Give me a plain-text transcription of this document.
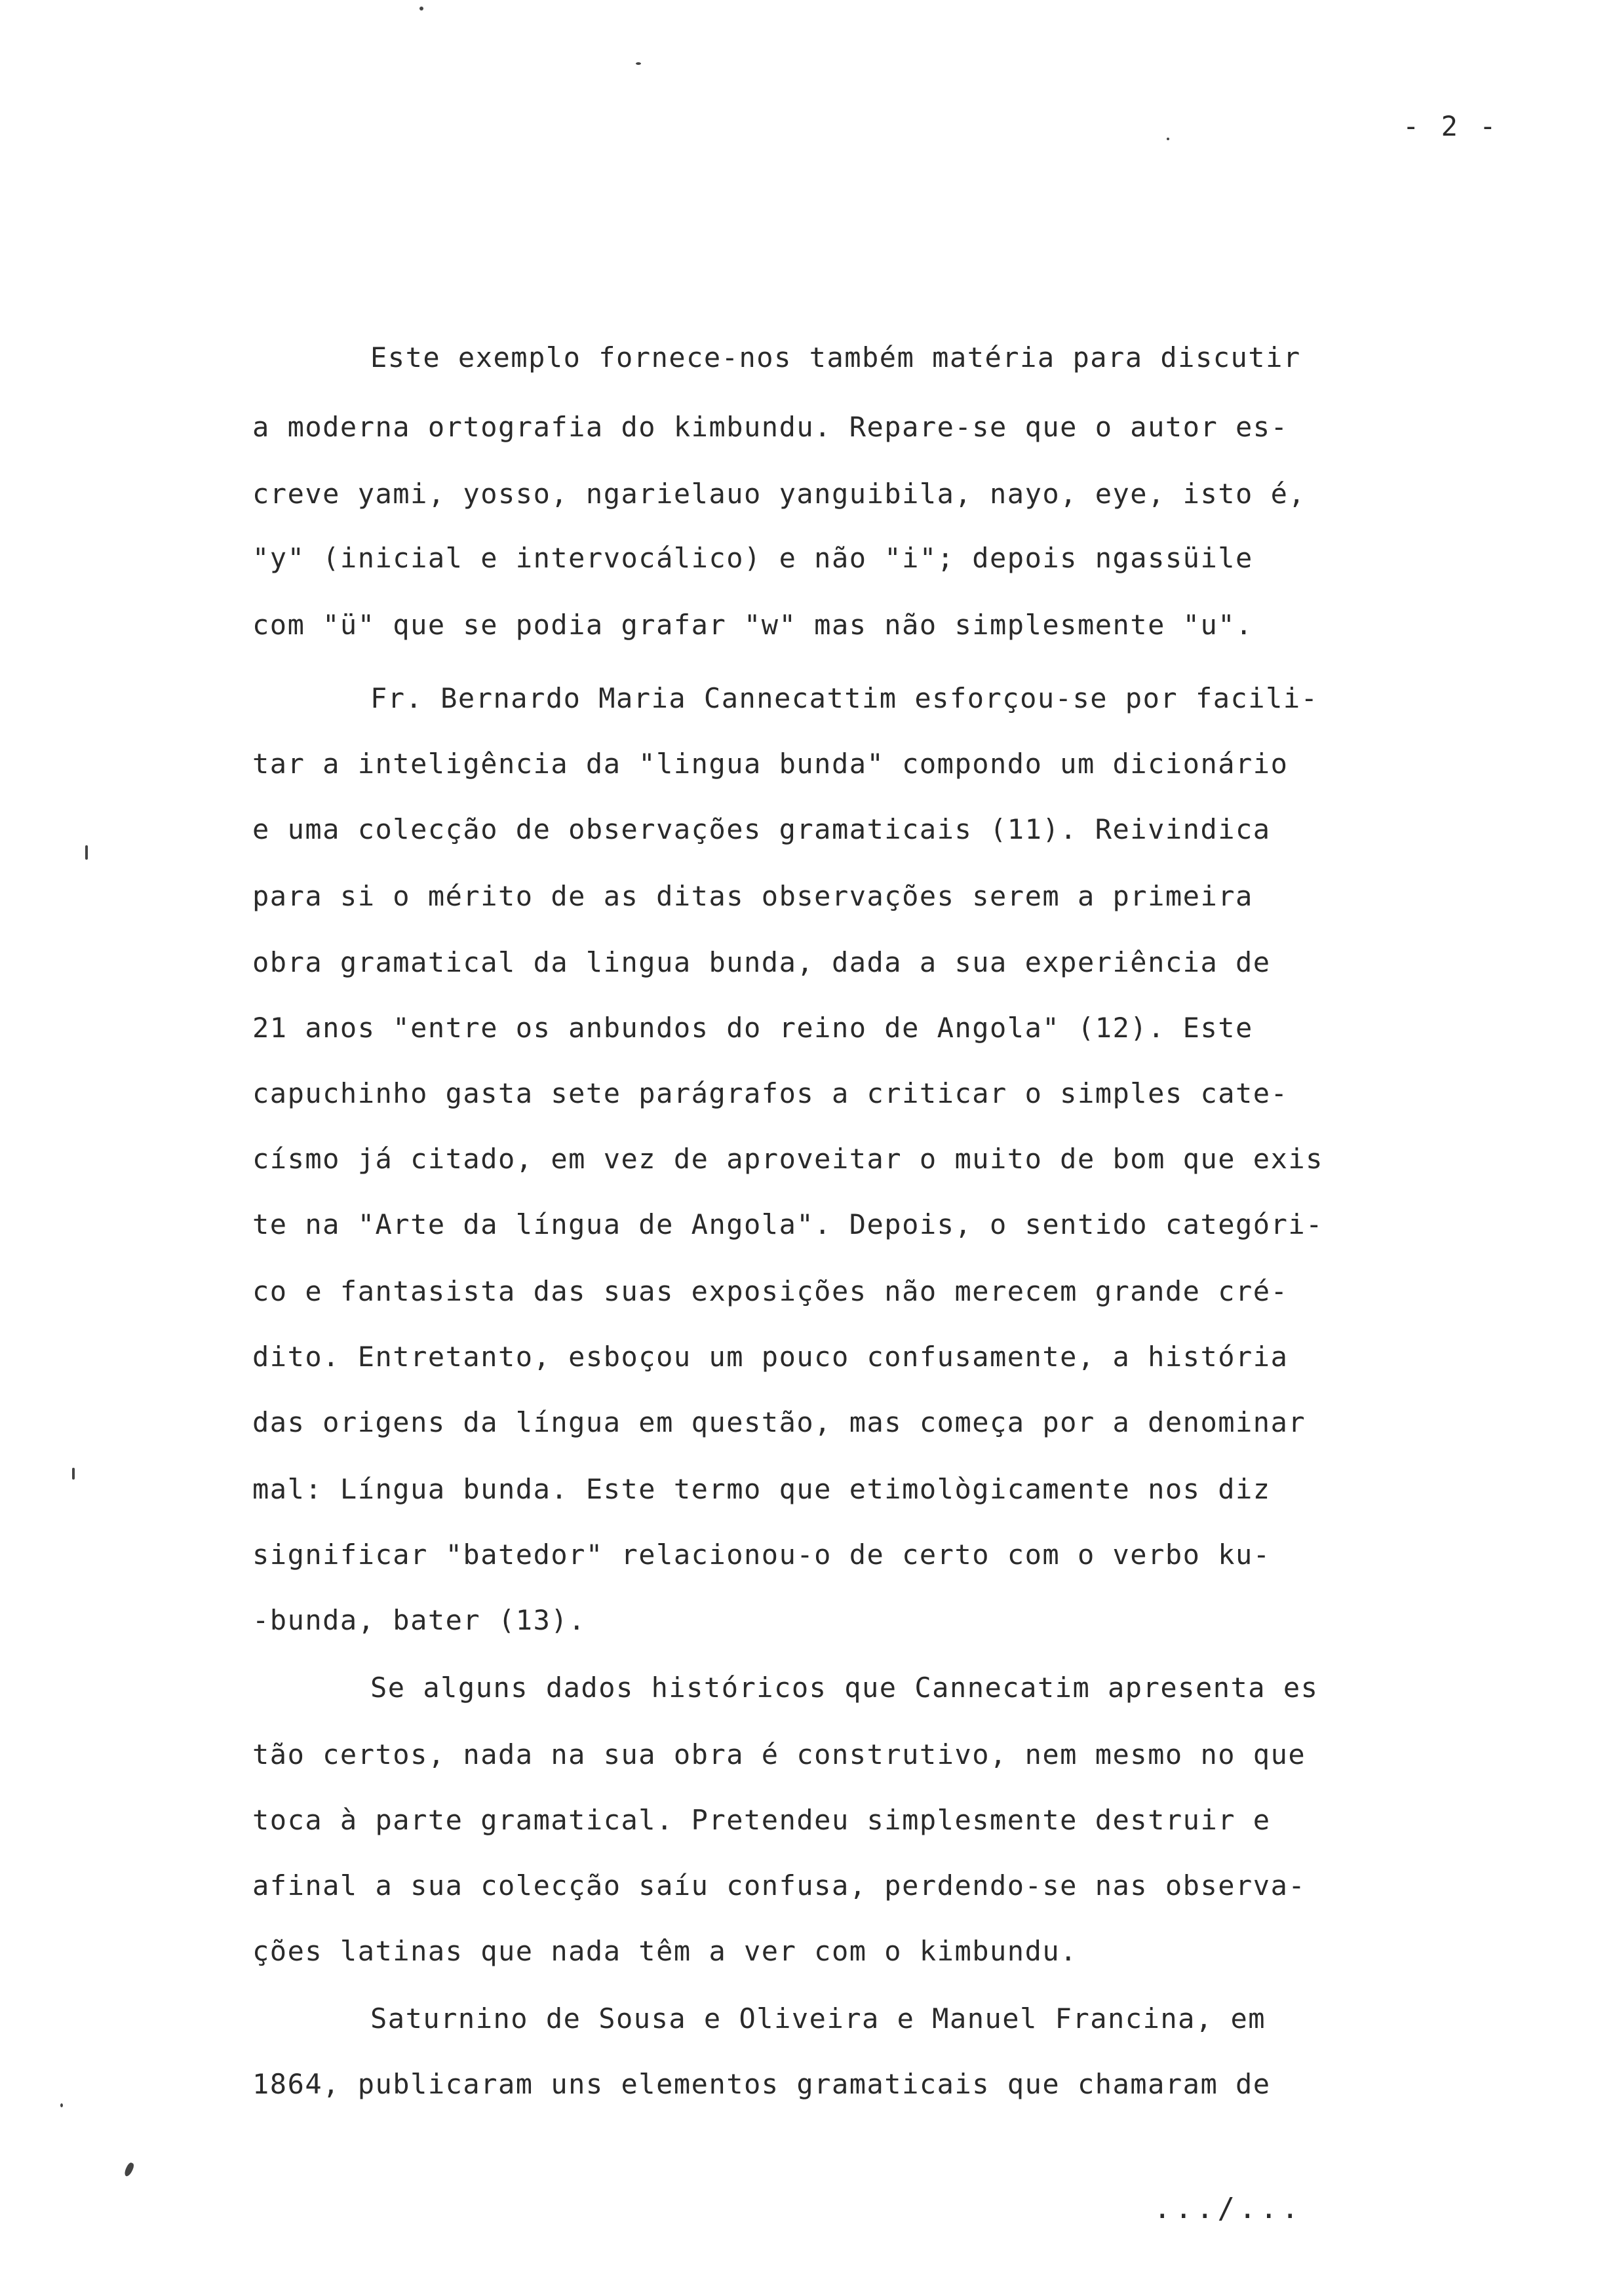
- 2 -

Este exemplo fornece-nos também matéria para discutir

a moderna ortografia do kimbundu. Repare-se que o autor es-

creve yami, yosso, ngarielauo yanguibila, nayo, eye, isto é,

"y" (inicial e intervocálico) e não "i"; depois ngassüile

com "ü" que se podia grafar "w" mas não simplesmente "u".

Fr. Bernardo Maria Cannecattim esforçou-se por facili-

tar a inteligência da "lingua bunda" compondo um dicionário

e uma colecção de observações gramaticais (11). Reivindica

para si o mérito de as ditas observações serem a primeira

obra gramatical da lingua bunda, dada a sua experiência de

21 anos "entre os anbundos do reino de Angola" (12). Este

capuchinho gasta sete parágrafos a criticar o simples cate-

císmo já citado, em vez de aproveitar o muito de bom que exis

te na "Arte da língua de Angola". Depois, o sentido categóri-

co e fantasista das suas exposições não merecem grande cré-

dito. Entretanto, esboçou um pouco confusamente, a história

das origens da língua em questão, mas começa por a denominar

mal: Língua bunda. Este termo que etimològicamente nos diz

significar "batedor" relacionou-o de certo com o verbo ku-

-bunda, bater (13).

Se alguns dados históricos que Cannecatim apresenta es

tão certos, nada na sua obra é construtivo, nem mesmo no que

toca à parte gramatical. Pretendeu simplesmente destruir e

afinal a sua colecção saíu confusa, perdendo-se nas observa-

ções latinas que nada têm a ver com o kimbundu.

Saturnino de Sousa e Oliveira e Manuel Francina, em

1864, publicaram uns elementos gramaticais que chamaram de

.../...
